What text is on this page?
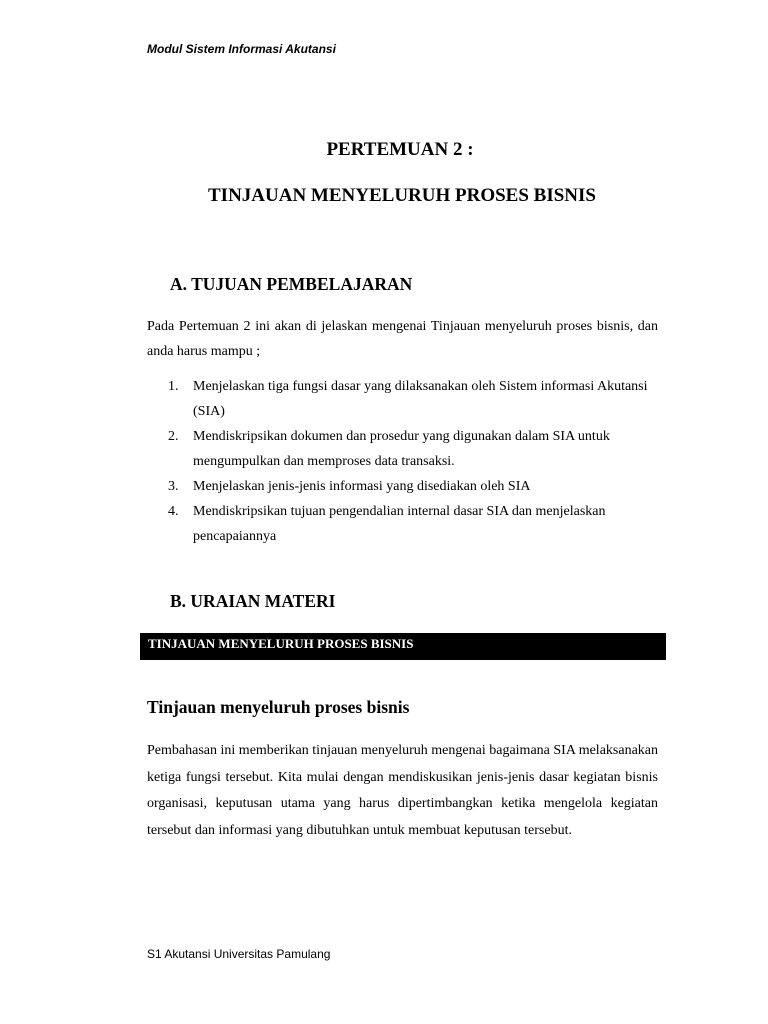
Modul Sistem Informasi Akutansi
PERTEMUAN 2 :
TINJAUAN MENYELURUH PROSES BISNIS
A. TUJUAN PEMBELAJARAN

Pada Pertemuan 2 ini akan di jelaskan mengenai Tinjauan menyeluruh proses bisnis, dan anda harus mampu ;

1. Menjelaskan tiga fungsi dasar yang dilaksanakan oleh Sistem informasi Akutansi (SIA)
2. Mendiskripsikan dokumen dan prosedur yang digunakan dalam SIA untuk mengumpulkan dan memproses data transaksi.
3. Menjelaskan jenis-jenis informasi yang disediakan oleh SIA
4. Mendiskripsikan tujuan pengendalian internal dasar SIA dan menjelaskan pencapaiannya
B. URAIAN MATERI
TINJAUAN MENYELURUH PROSES BISNIS
Tinjauan menyeluruh proses bisnis

Pembahasan ini memberikan tinjauan menyeluruh mengenai bagaimana SIA melaksanakan ketiga fungsi tersebut. Kita mulai dengan mendiskusikan jenis-jenis dasar kegiatan bisnis organisasi, keputusan utama yang harus dipertimbangkan ketika mengelola kegiatan tersebut dan informasi yang dibutuhkan untuk membuat keputusan tersebut.

S1 Akutansi Universitas Pamulang
